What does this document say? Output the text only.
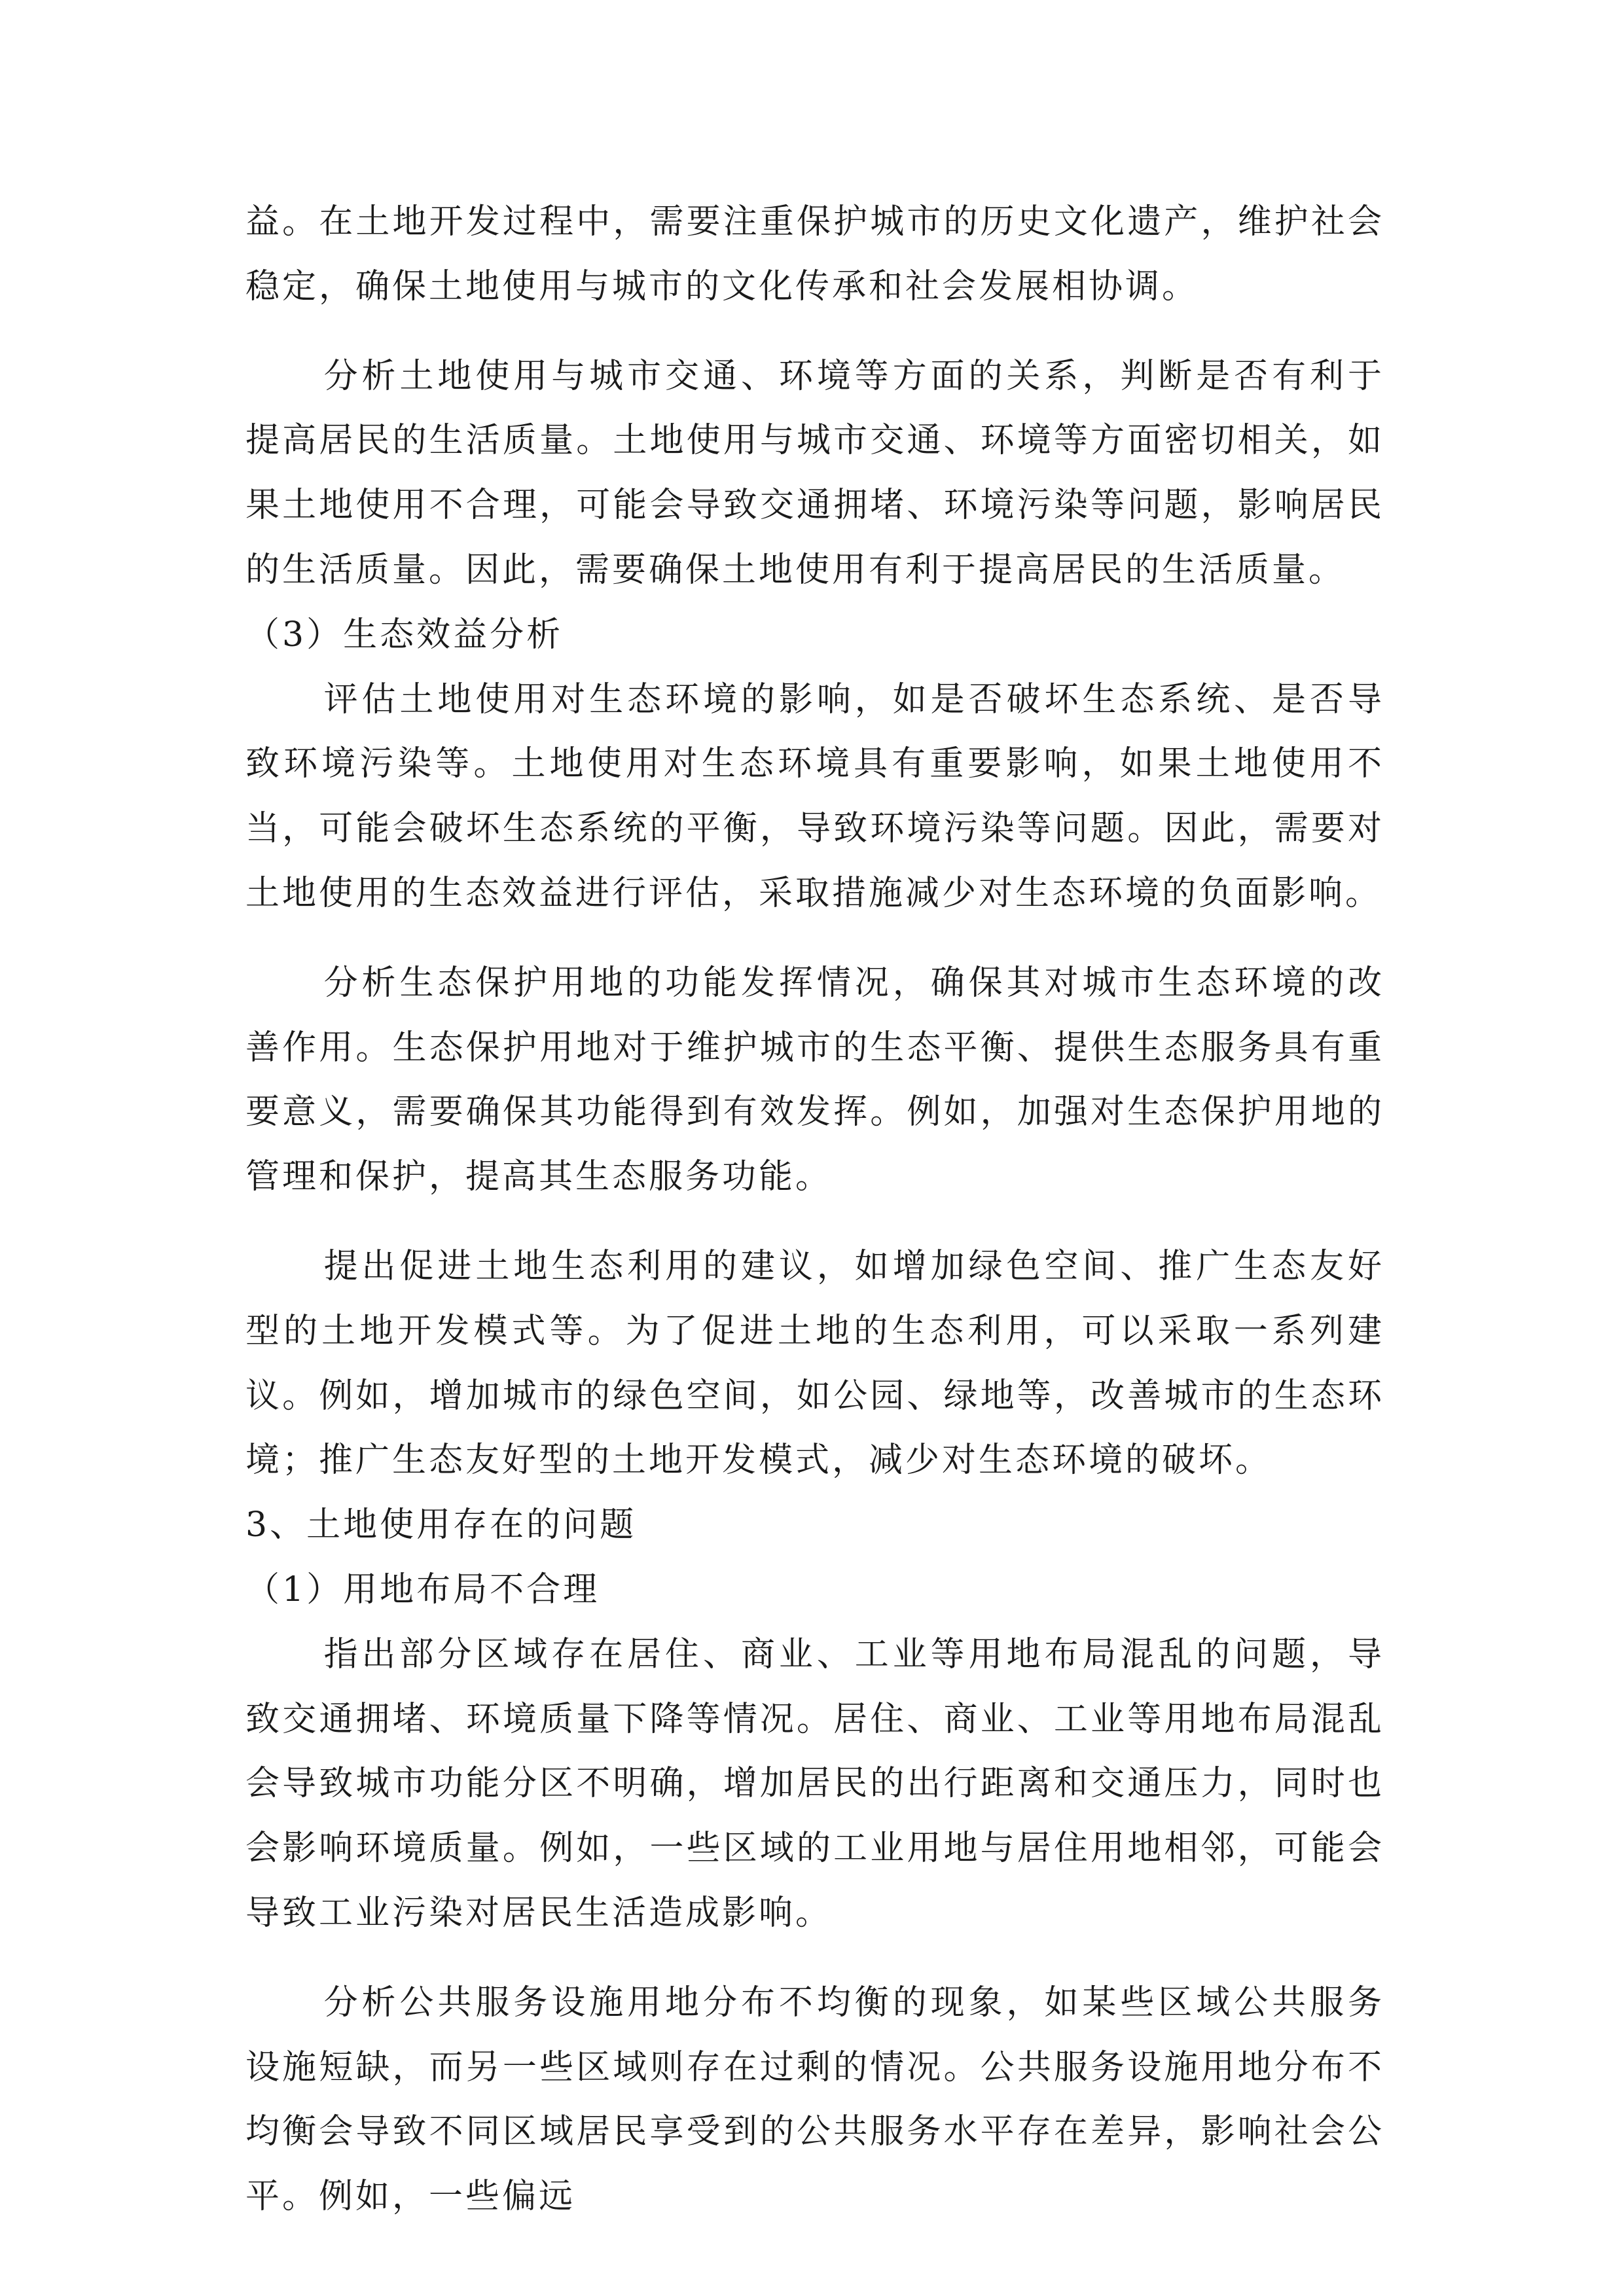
益。在土地开发过程中，需要注重保护城市的历史文化遗产，维护社会稳定，确保土地使用与城市的文化传承和社会发展相协调。

分析土地使用与城市交通、环境等方面的关系，判断是否有利于提高居民的生活质量。土地使用与城市交通、环境等方面密切相关，如果土地使用不合理，可能会导致交通拥堵、环境污染等问题，影响居民的生活质量。因此，需要确保土地使用有利于提高居民的生活质量。

（3）生态效益分析

评估土地使用对生态环境的影响，如是否破坏生态系统、是否导致环境污染等。土地使用对生态环境具有重要影响，如果土地使用不当，可能会破坏生态系统的平衡，导致环境污染等问题。因此，需要对土地使用的生态效益进行评估，采取措施减少对生态环境的负面影响。

分析生态保护用地的功能发挥情况，确保其对城市生态环境的改善作用。生态保护用地对于维护城市的生态平衡、提供生态服务具有重要意义，需要确保其功能得到有效发挥。例如，加强对生态保护用地的管理和保护，提高其生态服务功能。

提出促进土地生态利用的建议，如增加绿色空间、推广生态友好型的土地开发模式等。为了促进土地的生态利用，可以采取一系列建议。例如，增加城市的绿色空间，如公园、绿地等，改善城市的生态环境；推广生态友好型的土地开发模式，减少对生态环境的破坏。

3、土地使用存在的问题

（1）用地布局不合理

指出部分区域存在居住、商业、工业等用地布局混乱的问题，导致交通拥堵、环境质量下降等情况。居住、商业、工业等用地布局混乱会导致城市功能分区不明确，增加居民的出行距离和交通压力，同时也会影响环境质量。例如，一些区域的工业用地与居住用地相邻，可能会导致工业污染对居民生活造成影响。

分析公共服务设施用地分布不均衡的现象，如某些区域公共服务设施短缺，而另一些区域则存在过剩的情况。公共服务设施用地分布不均衡会导致不同区域居民享受到的公共服务水平存在差异，影响社会公平。例如，一些偏远
